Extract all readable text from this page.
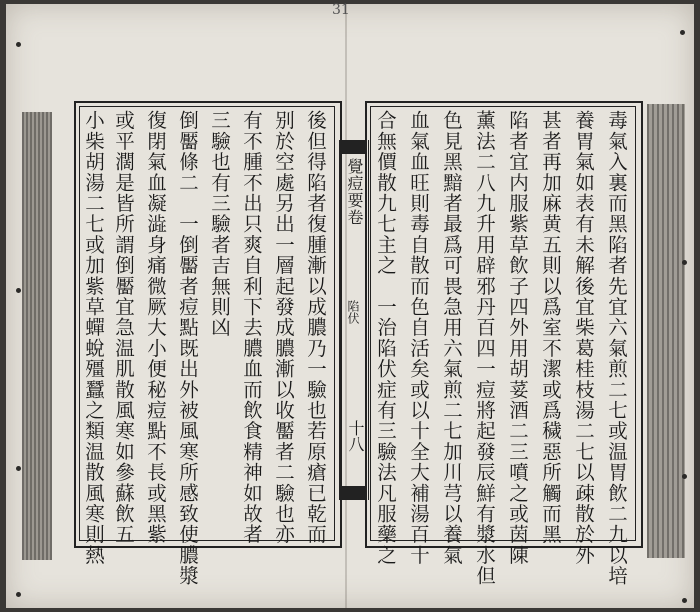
31
覺痘要卷
陷伏
十八	毒氣入裏而黑陷者先宜六氣煎二七或温胃飲二九以培
養胃氣如表有未解後宜柴葛桂枝湯二七以疎散於外
甚者再加麻黄五則以爲室不潔或爲穢惡所觸而黑
陷者宜内服紫草飲子四外用胡荽酒二三噴之或茵陳
薰法二八九升用辟邪丹百四一痘將起發辰鮮有漿水但
色見黑黯者最爲可畏急用六氣煎二七加川芎以養氣
血氣血旺則毒自散而色自活矣或以十全大補湯百十
合無價散九七主之　一治陷伏症有三驗法凡服藥之
後但得陷者復腫漸以成膿乃一驗也若原瘡已乾而
别於空處另出一層起發成膿漸以收靨者二驗也亦
有不腫不出只爽自利下去膿血而飲食精神如故者
三驗也有三驗者吉無則凶
倒靨條二　一倒靨者痘點既出外被風寒所感致使膿漿
復閉氣血凝澁身痛微厥大小便秘痘點不長或黑紫
或平濶是皆所謂倒靨宜急温肌散風寒如參蘇飲五
小柴胡湯二七或加紫草蟬蛻殭蠶之類温散風寒則熱
